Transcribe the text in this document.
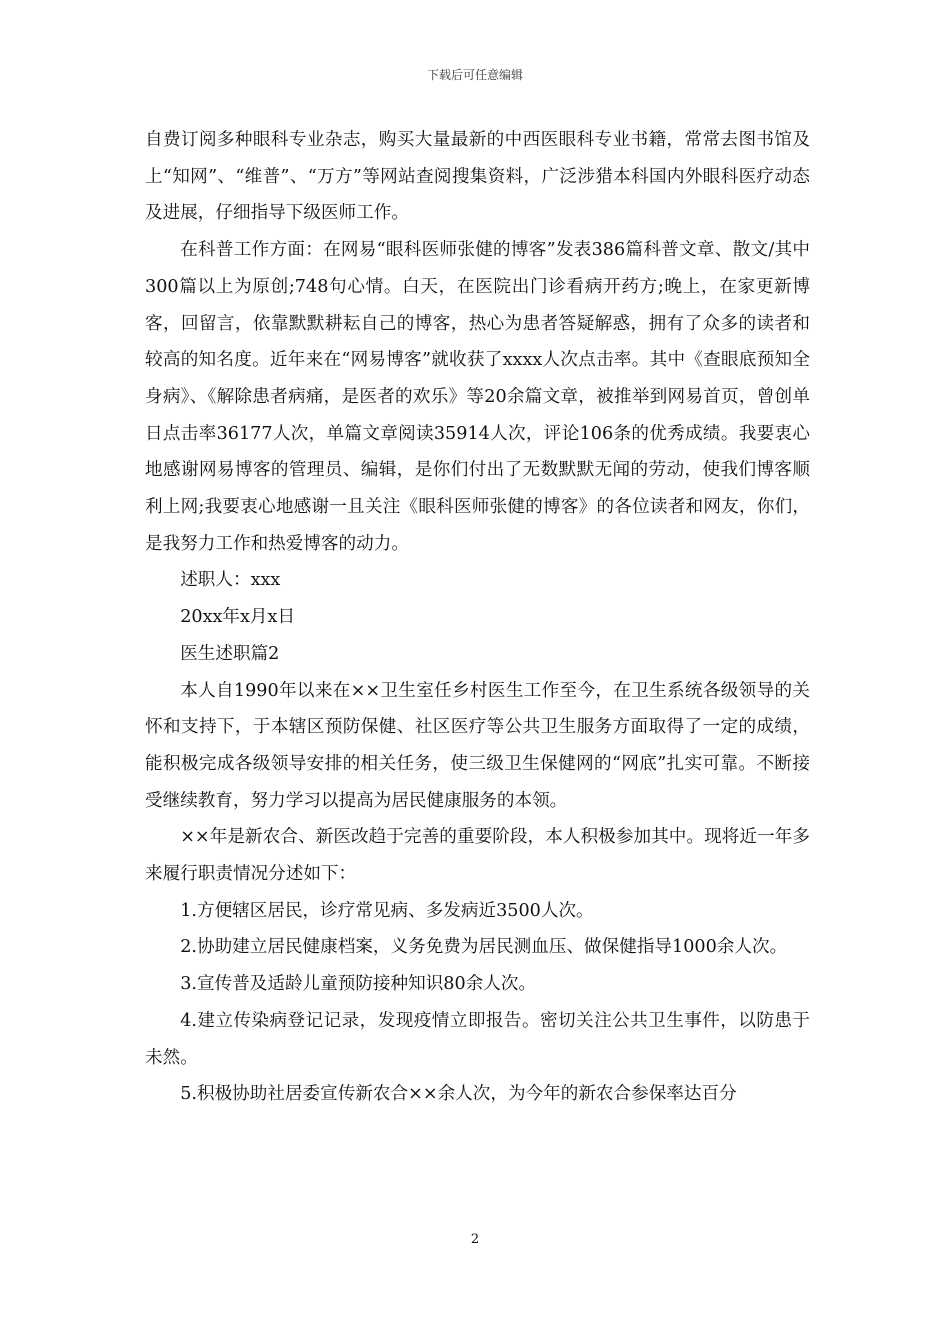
下载后可任意编辑

自费订阅多种眼科专业杂志，购买大量最新的中西医眼科专业书籍，常常去图书馆及上“知网”、“维普”、“万方”等网站查阅搜集资料，广泛涉猎本科国内外眼科医疗动态及进展，仔细指导下级医师工作。

在科普工作方面：在网易“眼科医师张健的博客”发表386篇科普文章、散文/其中300篇以上为原创;748句心情。白天，在医院出门诊看病开药方;晚上，在家更新博客，回留言，依靠默默耕耘自己的博客，热心为患者答疑解惑，拥有了众多的读者和较高的知名度。近年来在“网易博客”就收获了xxxx人次点击率。其中《查眼底预知全身病》、《解除患者病痛，是医者的欢乐》等20余篇文章，被推举到网易首页，曾创单日点击率36177人次，单篇文章阅读35914人次，评论106条的优秀成绩。我要衷心地感谢网易博客的管理员、编辑，是你们付出了无数默默无闻的劳动，使我们博客顺利上网;我要衷心地感谢一且关注《眼科医师张健的博客》的各位读者和网友，你们，是我努力工作和热爱博客的动力。

述职人：xxx

20xx年x月x日

医生述职篇2

本人自1990年以来在××卫生室任乡村医生工作至今，在卫生系统各级领导的关怀和支持下，于本辖区预防保健、社区医疗等公共卫生服务方面取得了一定的成绩，能积极完成各级领导安排的相关任务，使三级卫生保健网的“网底”扎实可靠。不断接受继续教育，努力学习以提高为居民健康服务的本领。

××年是新农合、新医改趋于完善的重要阶段，本人积极参加其中。现将近一年多来履行职责情况分述如下：

1.方便辖区居民，诊疗常见病、多发病近3500人次。

2.协助建立居民健康档案，义务免费为居民测血压、做保健指导1000余人次。

3.宣传普及适龄儿童预防接种知识80余人次。

4.建立传染病登记记录，发现疫情立即报告。密切关注公共卫生事件，以防患于未然。

5.积极协助社居委宣传新农合××余人次，为今年的新农合参保率达百分

2
